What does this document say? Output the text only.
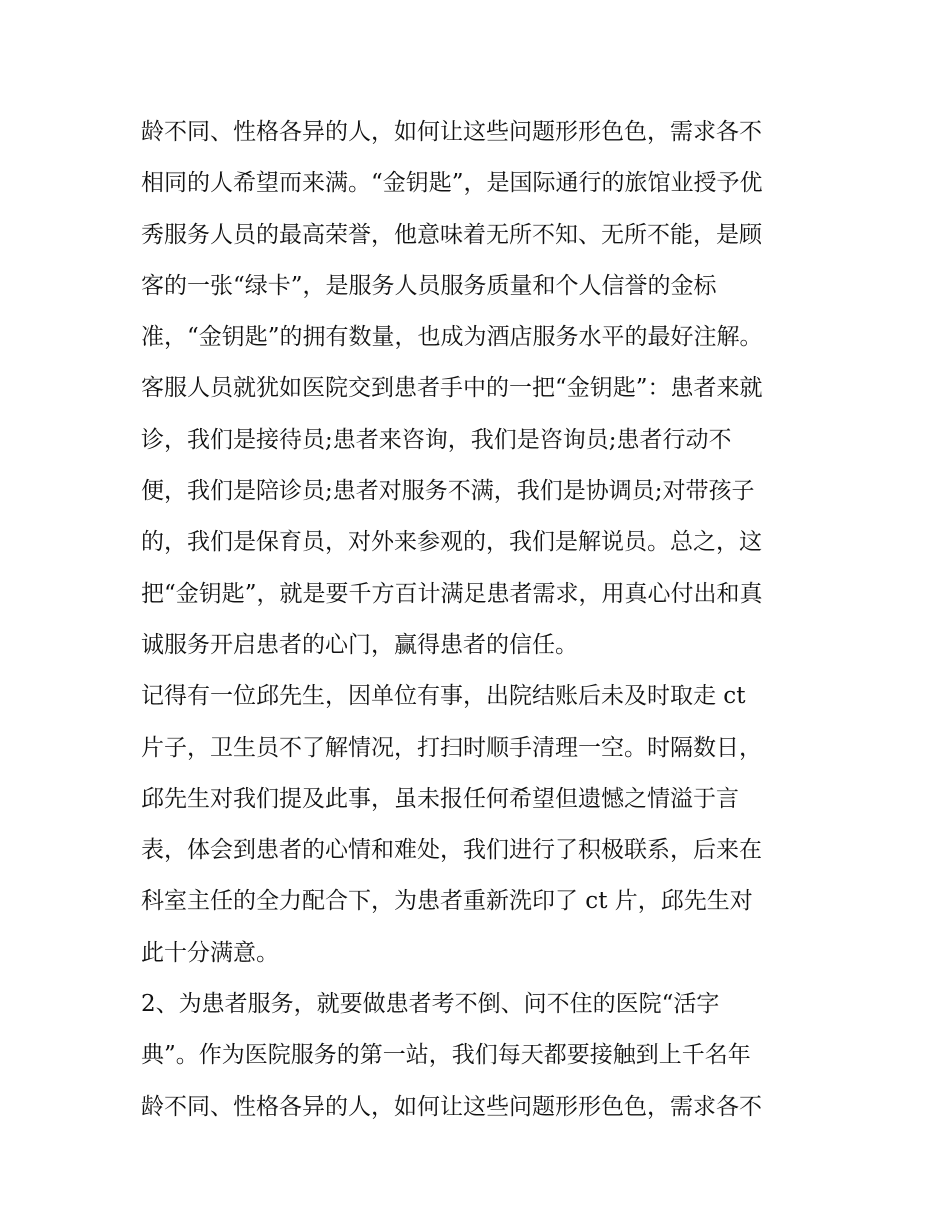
龄不同、性格各异的人，如何让这些问题形形色色，需求各不
相同的人希望而来满。“金钥匙”，是国际通行的旅馆业授予优
秀服务人员的最高荣誉，他意味着无所不知、无所不能，是顾
客的一张“绿卡”，是服务人员服务质量和个人信誉的金标
准，“金钥匙”的拥有数量，也成为酒店服务水平的最好注解。
客服人员就犹如医院交到患者手中的一把“金钥匙”：患者来就
诊，我们是接待员;患者来咨询，我们是咨询员;患者行动不
便，我们是陪诊员;患者对服务不满，我们是协调员;对带孩子
的，我们是保育员，对外来参观的，我们是解说员。总之，这
把“金钥匙”，就是要千方百计满足患者需求，用真心付出和真
诚服务开启患者的心门，赢得患者的信任。
记得有一位邱先生，因单位有事，出院结账后未及时取走 ct
片子，卫生员不了解情况，打扫时顺手清理一空。时隔数日，
邱先生对我们提及此事，虽未报任何希望但遗憾之情溢于言
表，体会到患者的心情和难处，我们进行了积极联系，后来在
科室主任的全力配合下，为患者重新洗印了 ct 片，邱先生对
此十分满意。
2、为患者服务，就要做患者考不倒、问不住的医院“活字
典”。作为医院服务的第一站，我们每天都要接触到上千名年
龄不同、性格各异的人，如何让这些问题形形色色，需求各不
